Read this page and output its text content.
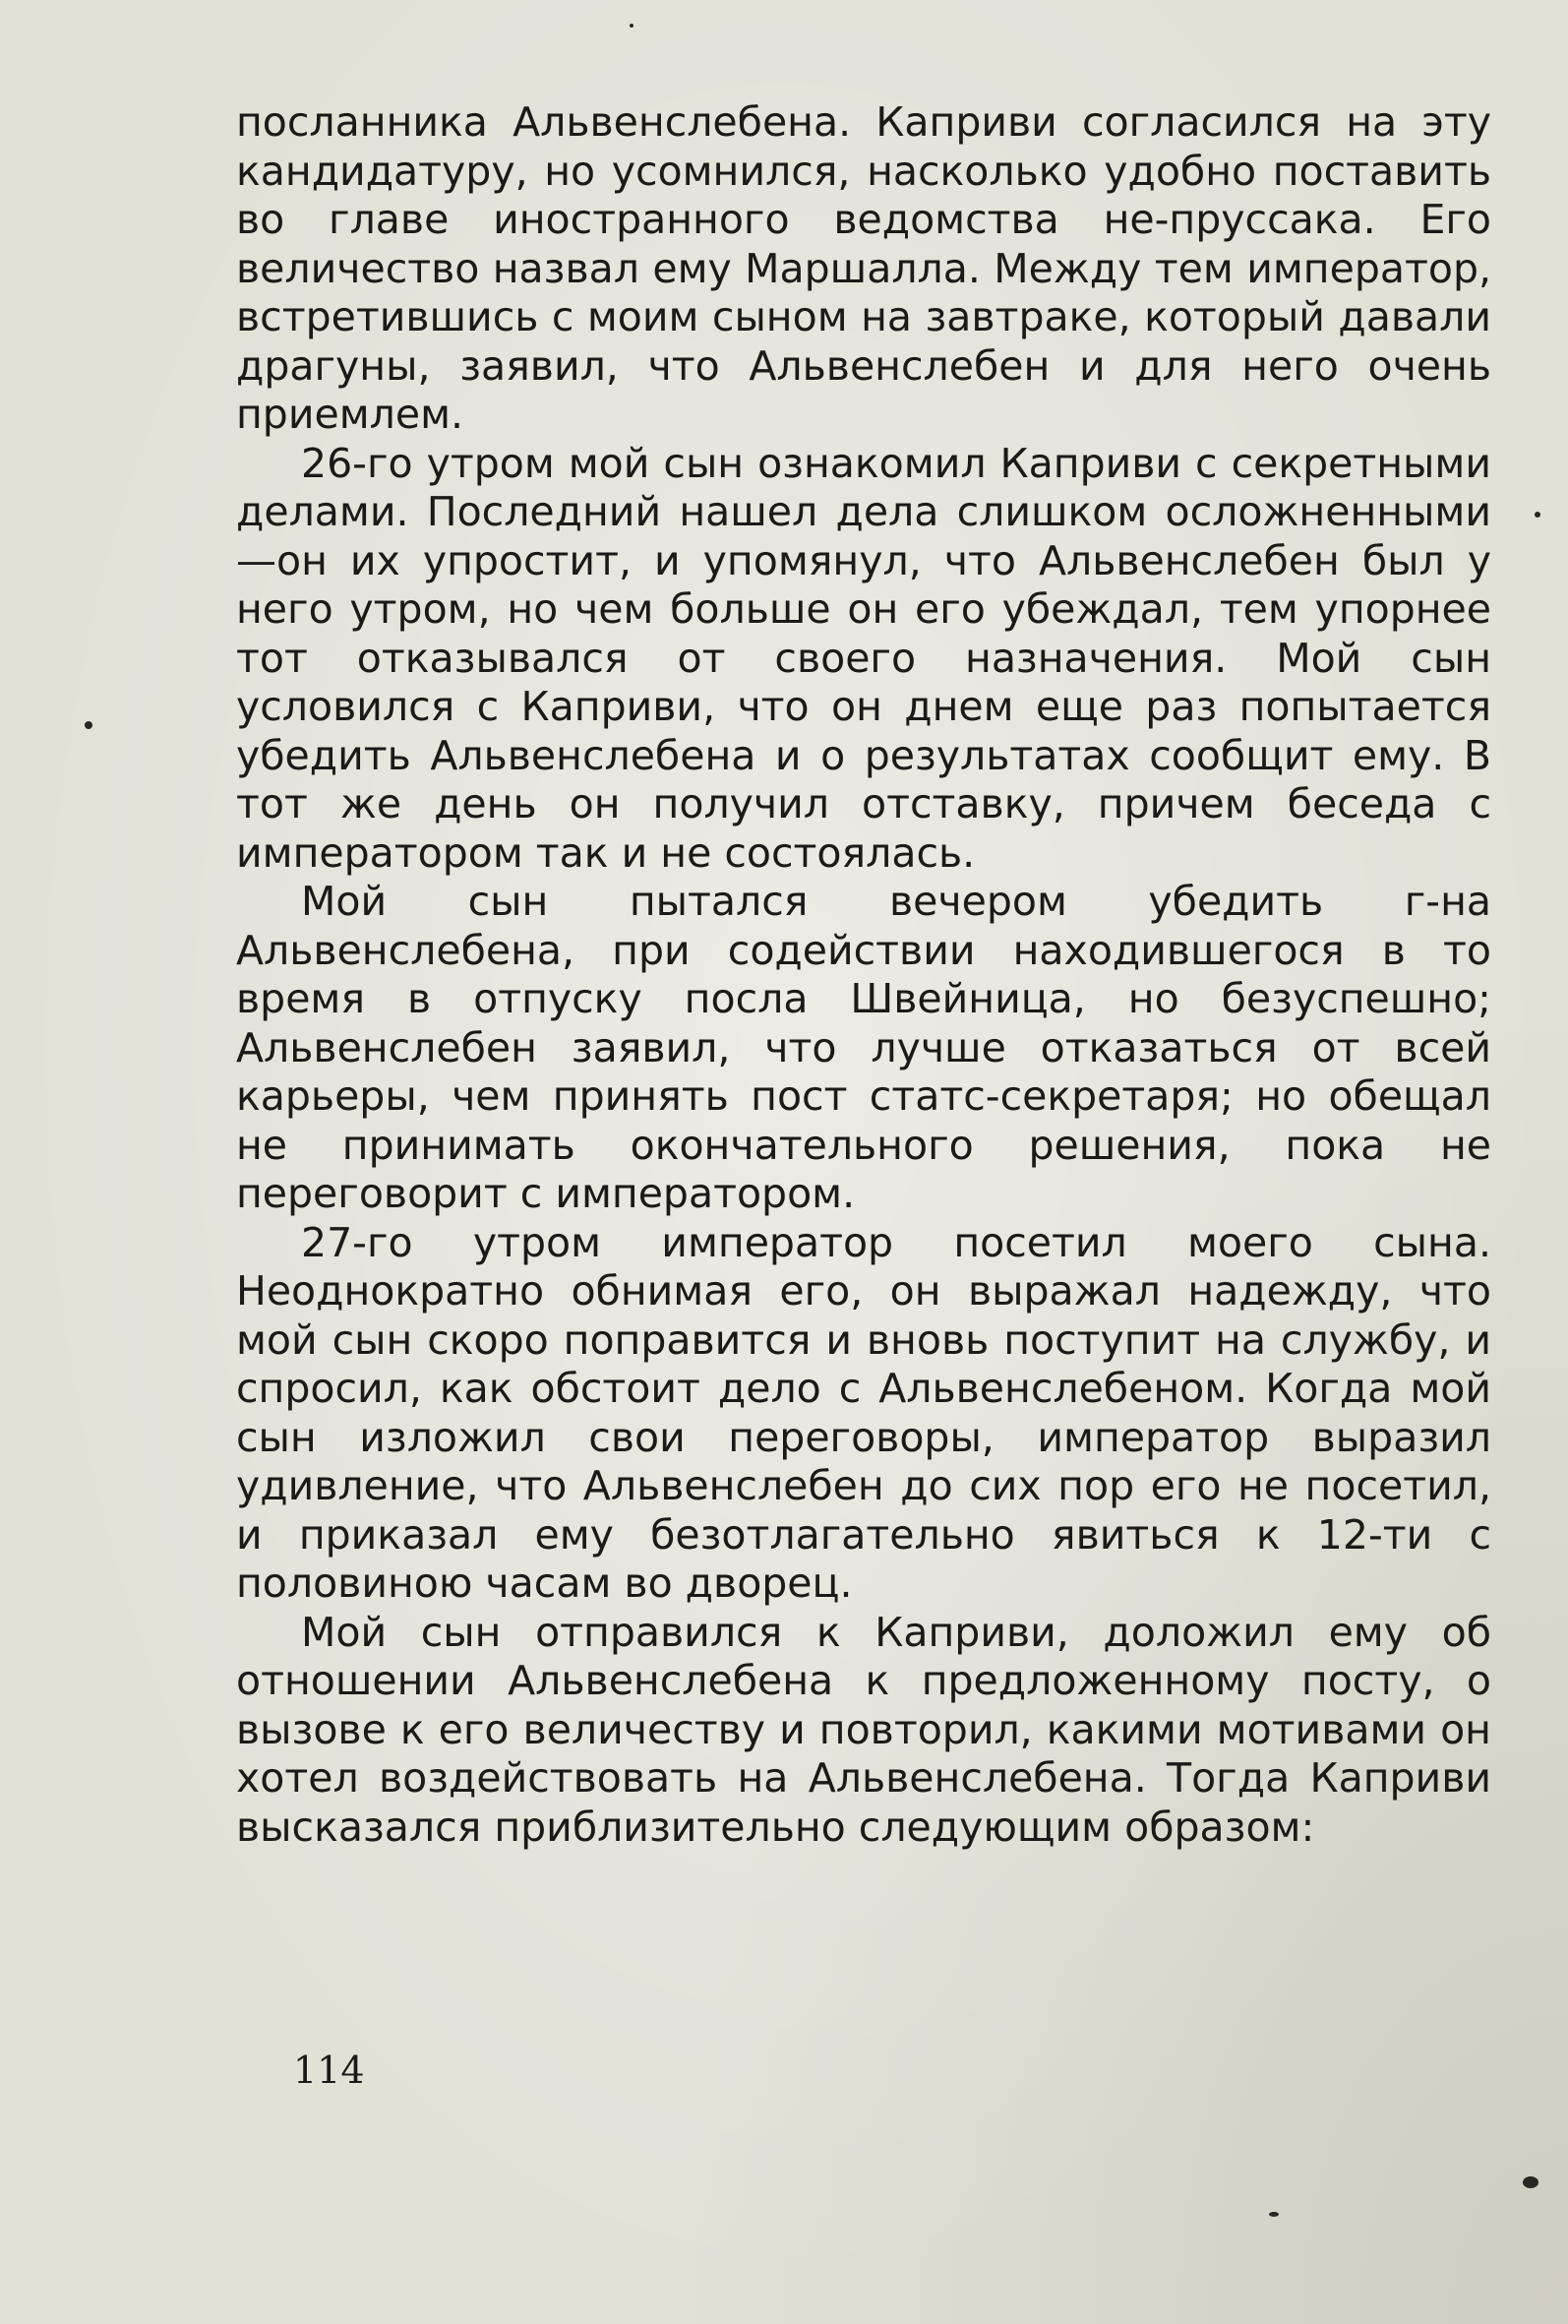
посланника Альвенслебена. Каприви согласился на эту кандидатуру, но усомнился, насколько удобно поставить во главе иностранного ведомства не-пруссака. Его величество назвал ему Маршалла. Между тем император, встретившись с моим сыном на завтраке, который давали драгуны, заявил, что Альвенслебен и для него очень приемлем.

26-го утром мой сын ознакомил Каприви с секретными делами. Последний нашел дела слишком осложненными—он их упростит, и упомянул, что Альвенслебен был у него утром, но чем больше он его убеждал, тем упорнее тот отказывался от своего назначения. Мой сын условился с Каприви, что он днем еще раз попытается убедить Альвенслебена и о результатах сообщит ему. В тот же день он получил отставку, причем беседа с императором так и не состоялась.

Мой сын пытался вечером убедить г-на Альвенслебена, при содействии находившегося в то время в отпуску посла Швейница, но безуспешно; Альвенслебен заявил, что лучше отказаться от всей карьеры, чем принять пост статс-секретаря; но обещал не принимать окончательного решения, пока не переговорит с императором.

27-го утром император посетил моего сына. Неоднократно обнимая его, он выражал надежду, что мой сын скоро поправится и вновь поступит на службу, и спросил, как обстоит дело с Альвенслебеном. Когда мой сын изложил свои переговоры, император выразил удивление, что Альвенслебен до сих пор его не посетил, и приказал ему безотлагательно явиться к 12-ти с половиною часам во дворец.

Мой сын отправился к Каприви, доложил ему об отношении Альвенслебена к предложенному посту, о вызове к его величеству и повторил, какими мотивами он хотел воздействовать на Альвенслебена. Тогда Каприви высказался приблизительно следующим образом:

114
